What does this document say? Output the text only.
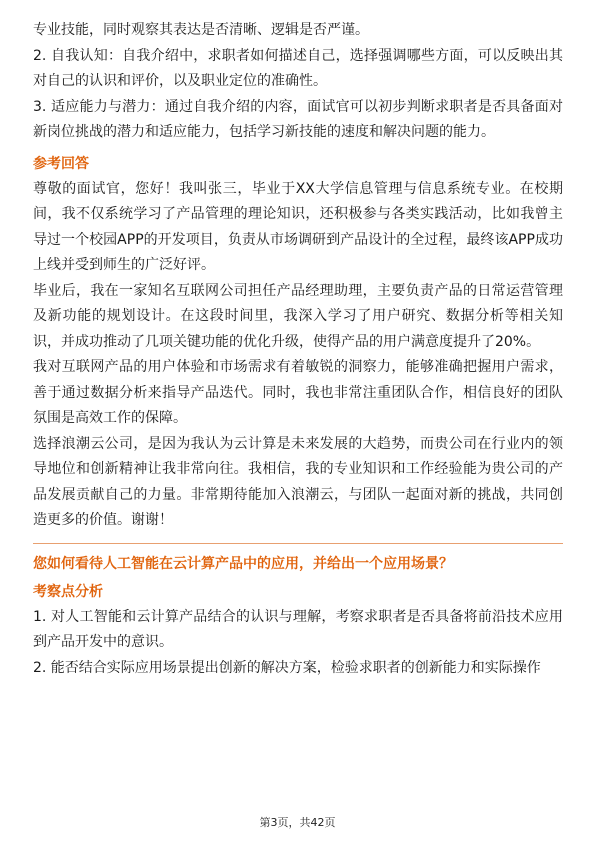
专业技能，同时观察其表达是否清晰、逻辑是否严谨。

2. 自我认知：自我介绍中，求职者如何描述自己，选择强调哪些方面，可以反映出其对自己的认识和评价，以及职业定位的准确性。

3. 适应能力与潜力：通过自我介绍的内容，面试官可以初步判断求职者是否具备面对新岗位挑战的潜力和适应能力，包括学习新技能的速度和解决问题的能力。

参考回答

尊敬的面试官，您好！我叫张三，毕业于XX大学信息管理与信息系统专业。在校期间，我不仅系统学习了产品管理的理论知识，还积极参与各类实践活动，比如我曾主导过一个校园APP的开发项目，负责从市场调研到产品设计的全过程，最终该APP成功上线并受到师生的广泛好评。

毕业后，我在一家知名互联网公司担任产品经理助理，主要负责产品的日常运营管理及新功能的规划设计。在这段时间里，我深入学习了用户研究、数据分析等相关知识，并成功推动了几项关键功能的优化升级，使得产品的用户满意度提升了20%。

我对互联网产品的用户体验和市场需求有着敏锐的洞察力，能够准确把握用户需求，善于通过数据分析来指导产品迭代。同时，我也非常注重团队合作，相信良好的团队氛围是高效工作的保障。

选择浪潮云公司，是因为我认为云计算是未来发展的大趋势，而贵公司在行业内的领导地位和创新精神让我非常向往。我相信，我的专业知识和工作经验能为贵公司的产品发展贡献自己的力量。非常期待能加入浪潮云，与团队一起面对新的挑战，共同创造更多的价值。谢谢！

您如何看待人工智能在云计算产品中的应用，并给出一个应用场景？

考察点分析

1. 对人工智能和云计算产品结合的认识与理解，考察求职者是否具备将前沿技术应用到产品开发中的意识。

2. 能否结合实际应用场景提出创新的解决方案，检验求职者的创新能力和实际操作

第3页，共42页
